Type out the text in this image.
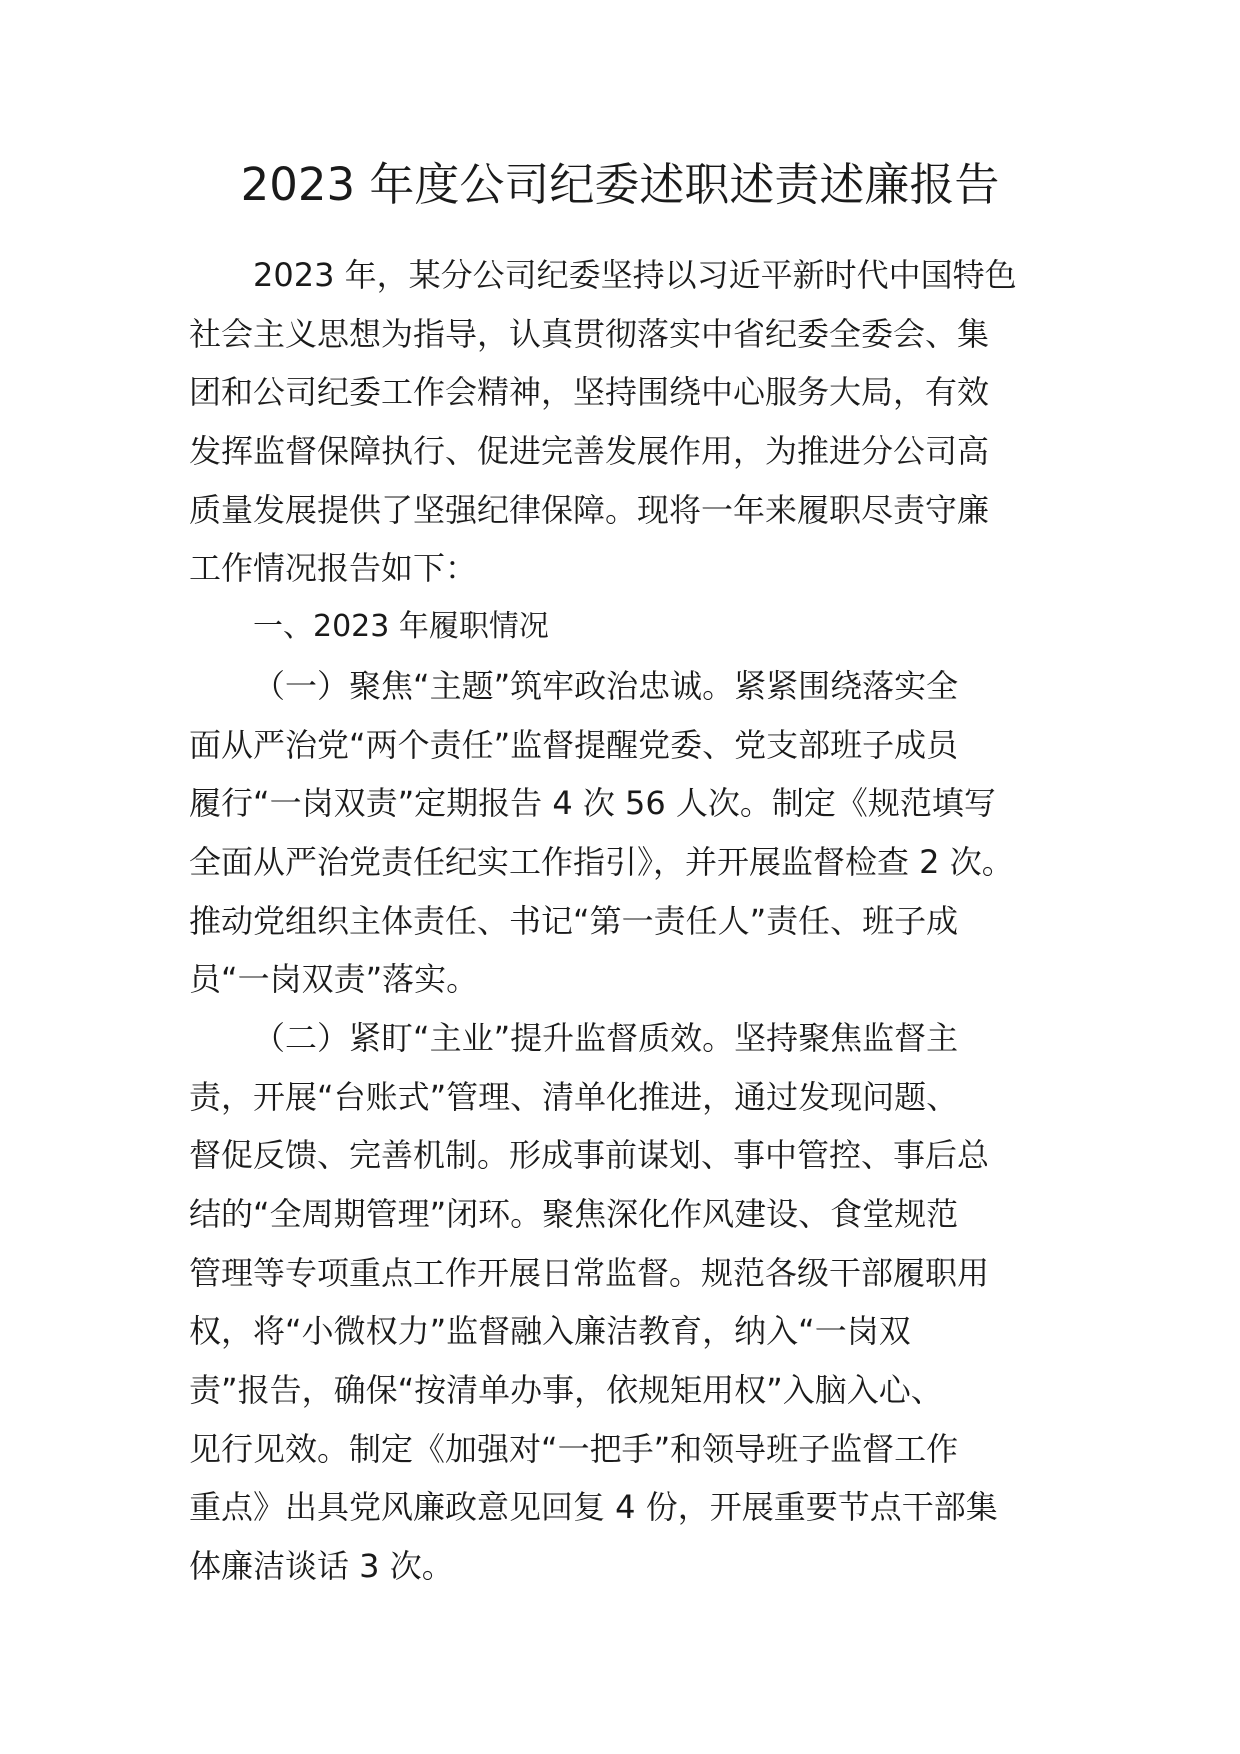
2023 年度公司纪委述职述责述廉报告

2023 年，某分公司纪委坚持以习近平新时代中国特色

社会主义思想为指导，认真贯彻落实中省纪委全委会、集

团和公司纪委工作会精神，坚持围绕中心服务大局，有效

发挥监督保障执行、促进完善发展作用，为推进分公司高

质量发展提供了坚强纪律保障。现将一年来履职尽责守廉

工作情况报告如下：

一、2023 年履职情况

（一）聚焦“主题”筑牢政治忠诚。紧紧围绕落实全

面从严治党“两个责任”监督提醒党委、党支部班子成员

履行“一岗双责”定期报告 4 次 56 人次。制定《规范填写

全面从严治党责任纪实工作指引》，并开展监督检查 2 次。

推动党组织主体责任、书记“第一责任人”责任、班子成

员“一岗双责”落实。

（二）紧盯“主业”提升监督质效。坚持聚焦监督主

责，开展“台账式”管理、清单化推进，通过发现问题、

督促反馈、完善机制。形成事前谋划、事中管控、事后总

结的“全周期管理”闭环。聚焦深化作风建设、食堂规范

管理等专项重点工作开展日常监督。规范各级干部履职用

权，将“小微权力”监督融入廉洁教育，纳入“一岗双

责”报告，确保“按清单办事，依规矩用权”入脑入心、

见行见效。制定《加强对“一把手”和领导班子监督工作

重点》出具党风廉政意见回复 4 份，开展重要节点干部集

体廉洁谈话 3 次。
